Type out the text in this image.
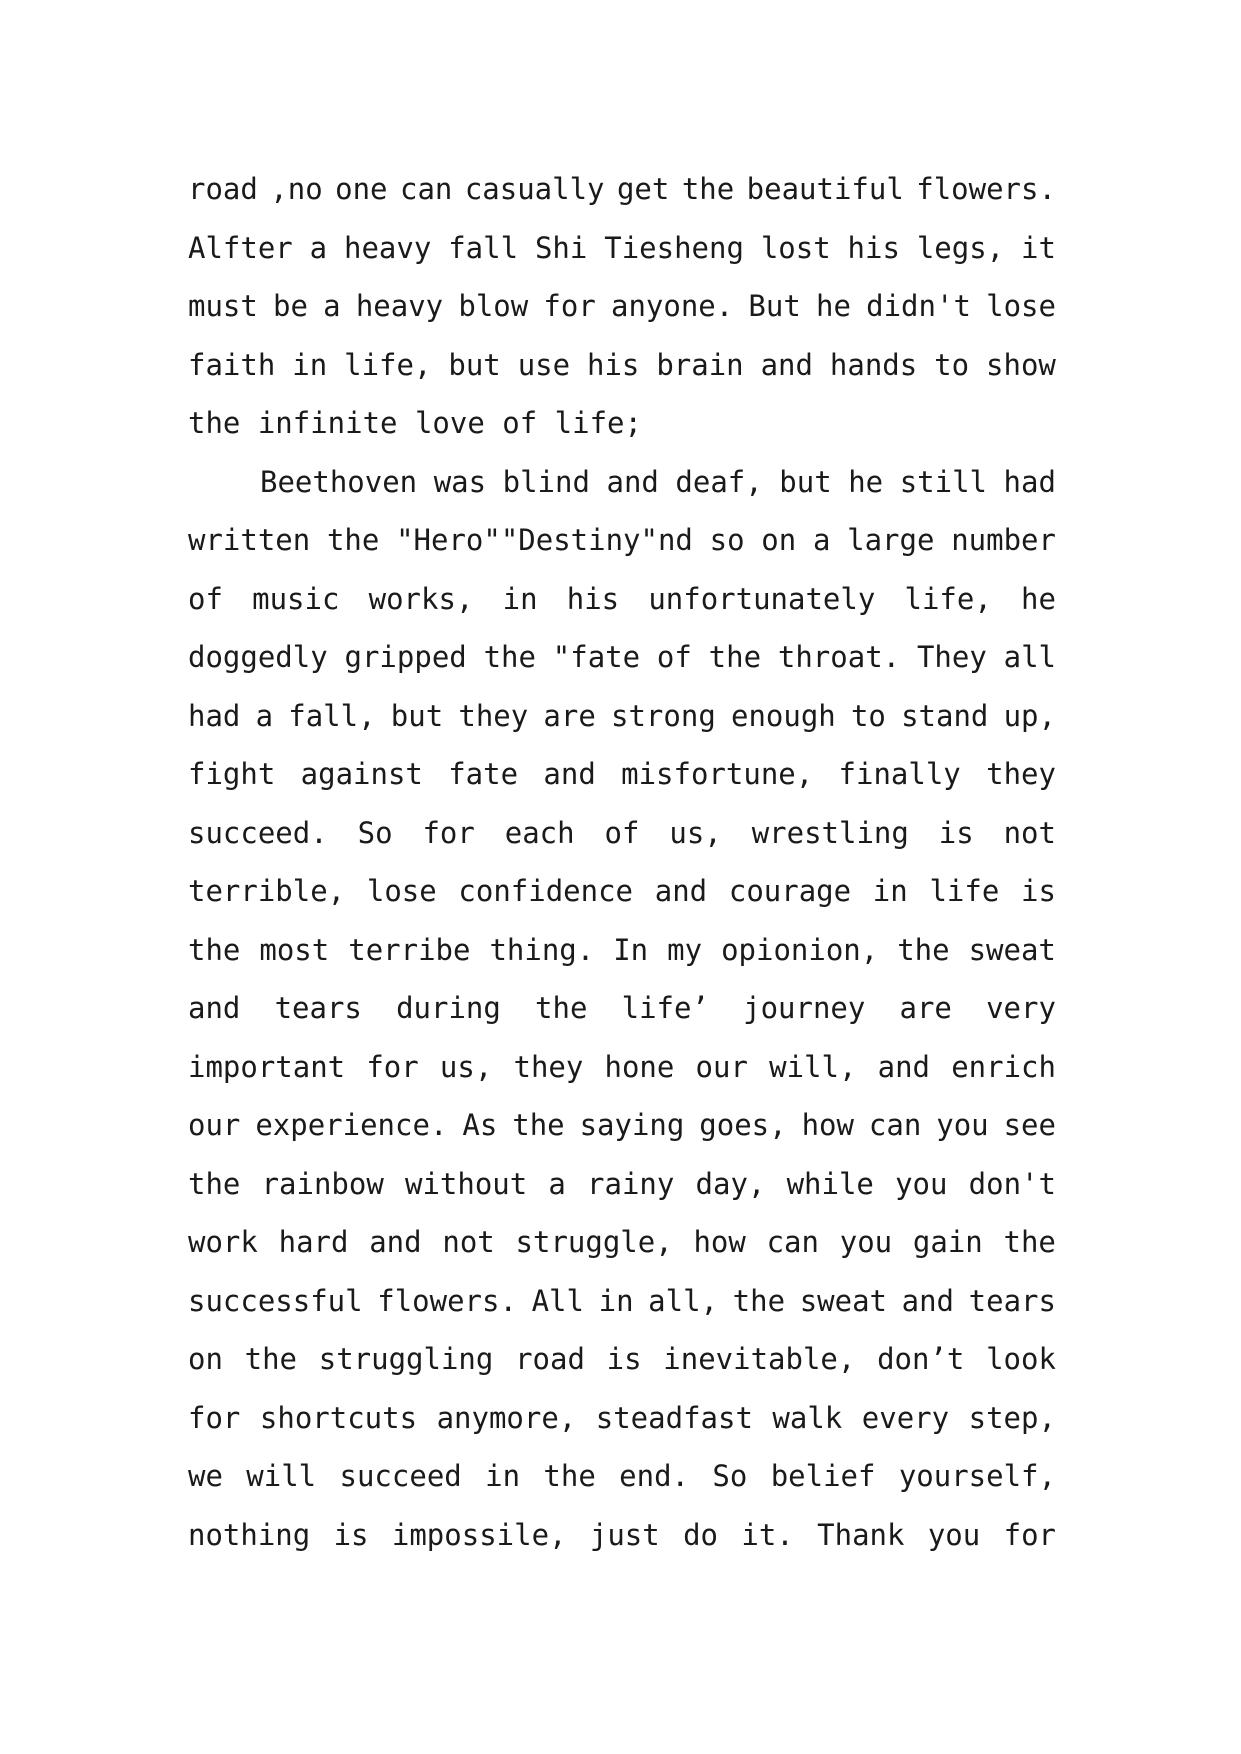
road ,no one can casually get the beautiful flowers.
Alfter a heavy fall Shi Tiesheng lost his legs, it
must be a heavy blow for anyone. But he didn't lose
faith in life, but use his brain and hands to show
the infinite love of life;
Beethoven was blind and deaf, but he still had
written the "Hero""Destiny"nd so on a large number
of music works, in his unfortunately life, he
doggedly gripped the "fate of the throat. They all
had a fall, but they are strong enough to stand up,
fight against fate and misfortune, finally they
succeed. So for each of us, wrestling is not
terrible, lose confidence and courage in life is
the most terribe thing. In my opionion, the sweat
and tears during the life’ journey are very
important for us, they hone our will, and enrich
our experience. As the saying goes, how can you see
the rainbow without a rainy day, while you don't
work hard and not struggle, how can you gain the
successful flowers. All in all, the sweat and tears
on the struggling road is inevitable, don’t look
for shortcuts anymore, steadfast walk every step,
we will succeed in the end. So belief yourself,
nothing is impossile, just do it. Thank you for
